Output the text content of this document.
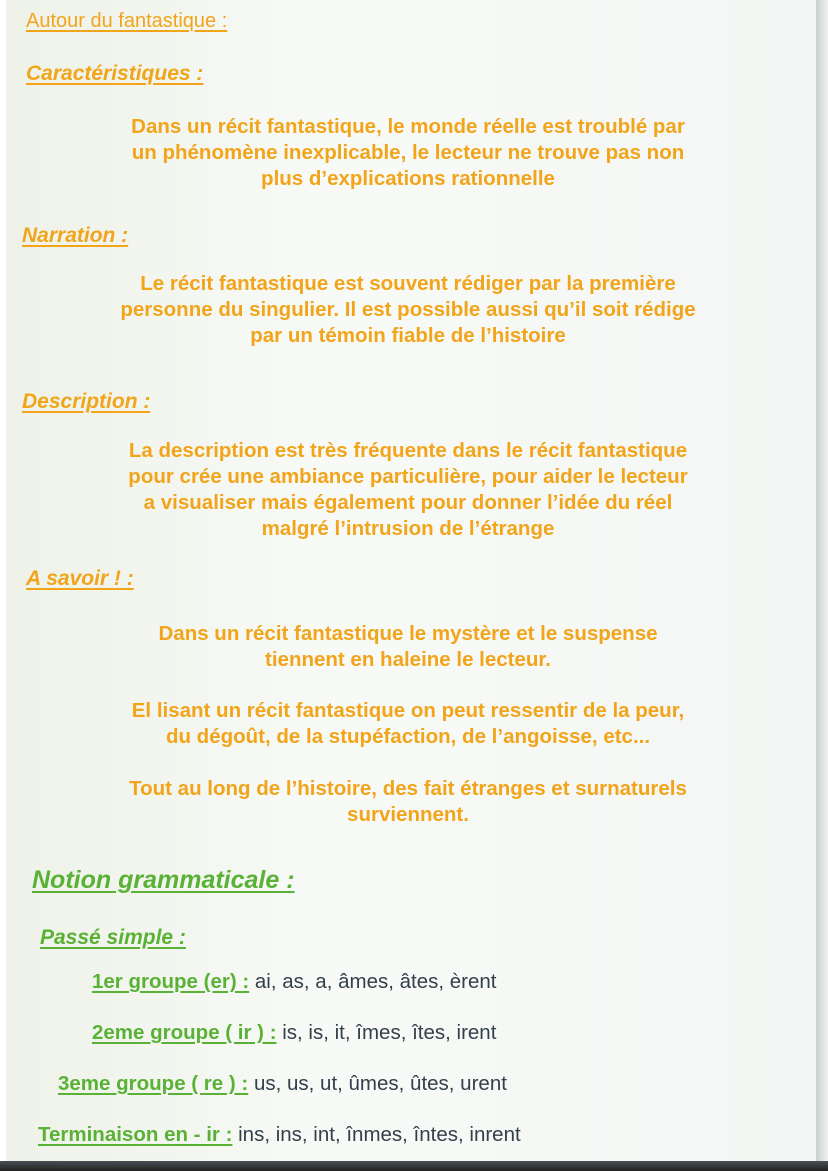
Autour du fantastique :
Caractéristiques :
Dans un récit fantastique, le monde réelle est troublé par
un phénomène inexplicable, le lecteur ne trouve pas non
plus d’explications rationnelle
Narration :
Le récit fantastique est souvent rédiger par la première
personne du singulier. Il est possible aussi qu’il soit rédige
par un témoin fiable de l’histoire
Description :
La description est très fréquente dans le récit fantastique
pour crée une ambiance particulière, pour aider le lecteur
a visualiser mais également pour donner l’idée du réel
malgré l’intrusion de l’étrange
A savoir ! :
Dans un récit fantastique le mystère et le suspense
tiennent en haleine le lecteur.
El lisant un récit fantastique on peut ressentir de la peur,
du dégoût, de la stupéfaction, de l’angoisse, etc...
Tout au long de l’histoire, des fait étranges et surnaturels
surviennent.
Notion grammaticale :
Passé simple :
1er groupe (er) : ai, as, a, âmes, âtes, èrent
2eme groupe ( ir ) : is, is, it, îmes, îtes, irent
3eme groupe ( re ) : us, us, ut, ûmes, ûtes, urent
Terminaison en - ir : ins, ins, int, înmes, întes, inrent
